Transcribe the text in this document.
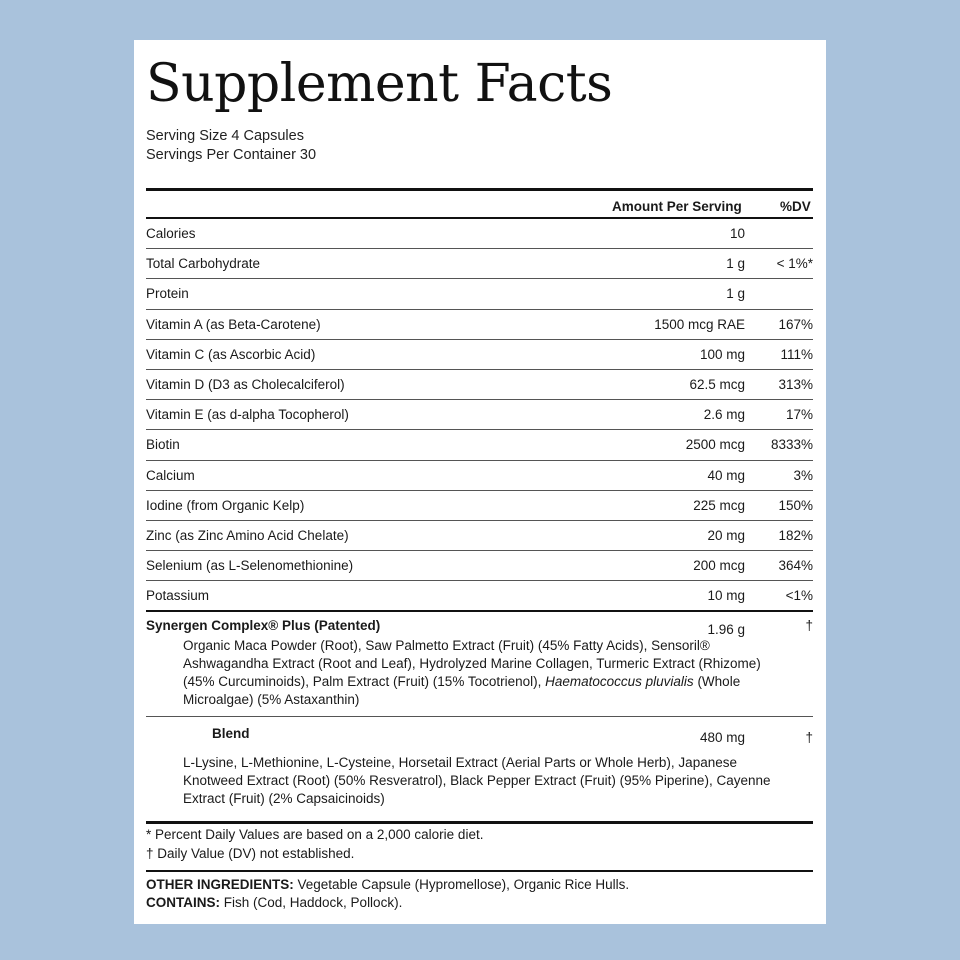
Supplement Facts
Serving Size 4 Capsules
Servings Per Container 30
Amount Per Serving	%DV
Calories	10
Total Carbohydrate	1 g < 1%*
Protein	1 g
Vitamin A (as Beta-Carotene)	1500 mcg RAE 167%
Vitamin C (as Ascorbic Acid)	100 mg	111%
Vitamin D (D3 as Cholecalciferol)	62.5 mcg 313%
Vitamin E (as d-alpha Tocopherol)	2.6 mg	17%
Biotin	2500 mcg 8333%
Calcium	40 mg	3%
Iodine (from Organic Kelp)	225 mcg 150%
Zinc (as Zinc Amino Acid Chelate)	20 mg 182%
Selenium (as L-Selenomethionine)	200 mcg 364%
Potassium	10 mg	<1%
Synergen Complex® Plus (Patented)	1.96 g	†
Organic Maca Powder (Root), Saw Palmetto Extract (Fruit) (45% Fatty Acids), Sensoril®
Ashwagandha Extract (Root and Leaf), Hydrolyzed Marine Collagen, Turmeric Extract (Rhizome)
(45% Curcuminoids), Palm Extract (Fruit) (15% Tocotrienol), Haematococcus pluvialis (Whole
Microalgae) (5% Astaxanthin)
Blend	480 mg	†
L-Lysine, L-Methionine, L-Cysteine, Horsetail Extract (Aerial Parts or Whole Herb), Japanese
Knotweed Extract (Root) (50% Resveratrol), Black Pepper Extract (Fruit) (95% Piperine), Cayenne
Extract (Fruit) (2% Capsaicinoids)
* Percent Daily Values are based on a 2,000 calorie diet.
† Daily Value (DV) not established.
OTHER INGREDIENTS: Vegetable Capsule (Hypromellose), Organic Rice Hulls.
CONTAINS: Fish (Cod, Haddock, Pollock).
